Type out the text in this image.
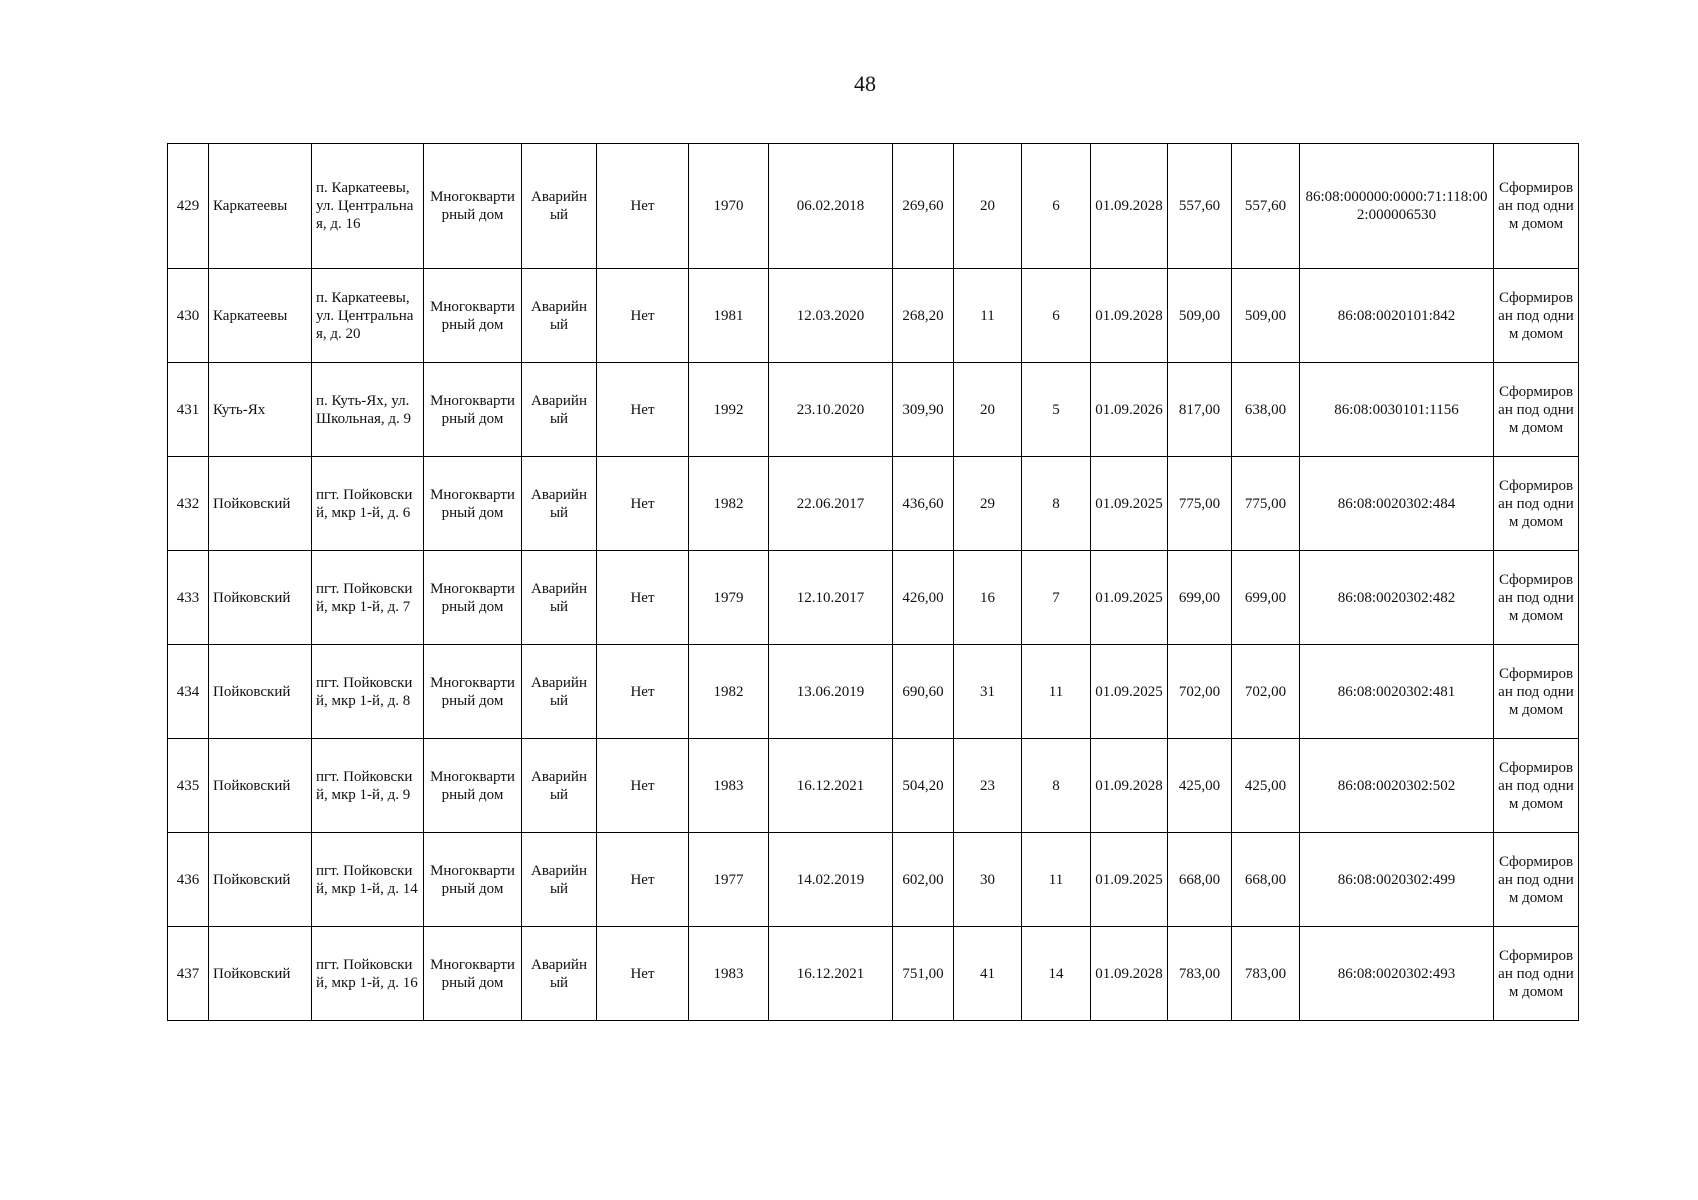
48
429	Каркатеевы	п. Каркатеевы, ул. Центральная, д. 16	Многоквартирный дом	Аварийный	Нет	1970	06.02.2018	269,60	20	6	01.09.2028	557,60	557,60	86:08:000000:0000:71:118:002:000006530	Сформирован под одним домом
430	Каркатеевы	п. Каркатеевы, ул. Центральная, д. 20	Многоквартирный дом	Аварийный	Нет	1981	12.03.2020	268,20	11	6	01.09.2028	509,00	509,00	86:08:0020101:842	Сформирован под одним домом
431	Куть-Ях	п. Куть-Ях, ул. Школьная, д. 9	Многоквартирный дом	Аварийный	Нет	1992	23.10.2020	309,90	20	5	01.09.2026	817,00	638,00	86:08:0030101:1156	Сформирован под одним домом
432	Пойковский	пгт. Пойковский, мкр 1-й, д. 6	Многоквартирный дом	Аварийный	Нет	1982	22.06.2017	436,60	29	8	01.09.2025	775,00	775,00	86:08:0020302:484	Сформирован под одним домом
433	Пойковский	пгт. Пойковский, мкр 1-й, д. 7	Многоквартирный дом	Аварийный	Нет	1979	12.10.2017	426,00	16	7	01.09.2025	699,00	699,00	86:08:0020302:482	Сформирован под одним домом
434	Пойковский	пгт. Пойковский, мкр 1-й, д. 8	Многоквартирный дом	Аварийный	Нет	1982	13.06.2019	690,60	31	11	01.09.2025	702,00	702,00	86:08:0020302:481	Сформирован под одним домом
435	Пойковский	пгт. Пойковский, мкр 1-й, д. 9	Многоквартирный дом	Аварийный	Нет	1983	16.12.2021	504,20	23	8	01.09.2028	425,00	425,00	86:08:0020302:502	Сформирован под одним домом
436	Пойковский	пгт. Пойковский, мкр 1-й, д. 14	Многоквартирный дом	Аварийный	Нет	1977	14.02.2019	602,00	30	11	01.09.2025	668,00	668,00	86:08:0020302:499	Сформирован под одним домом
437	Пойковский	пгт. Пойковский, мкр 1-й, д. 16	Многоквартирный дом	Аварийный	Нет	1983	16.12.2021	751,00	41	14	01.09.2028	783,00	783,00	86:08:0020302:493	Сформирован под одним домом
